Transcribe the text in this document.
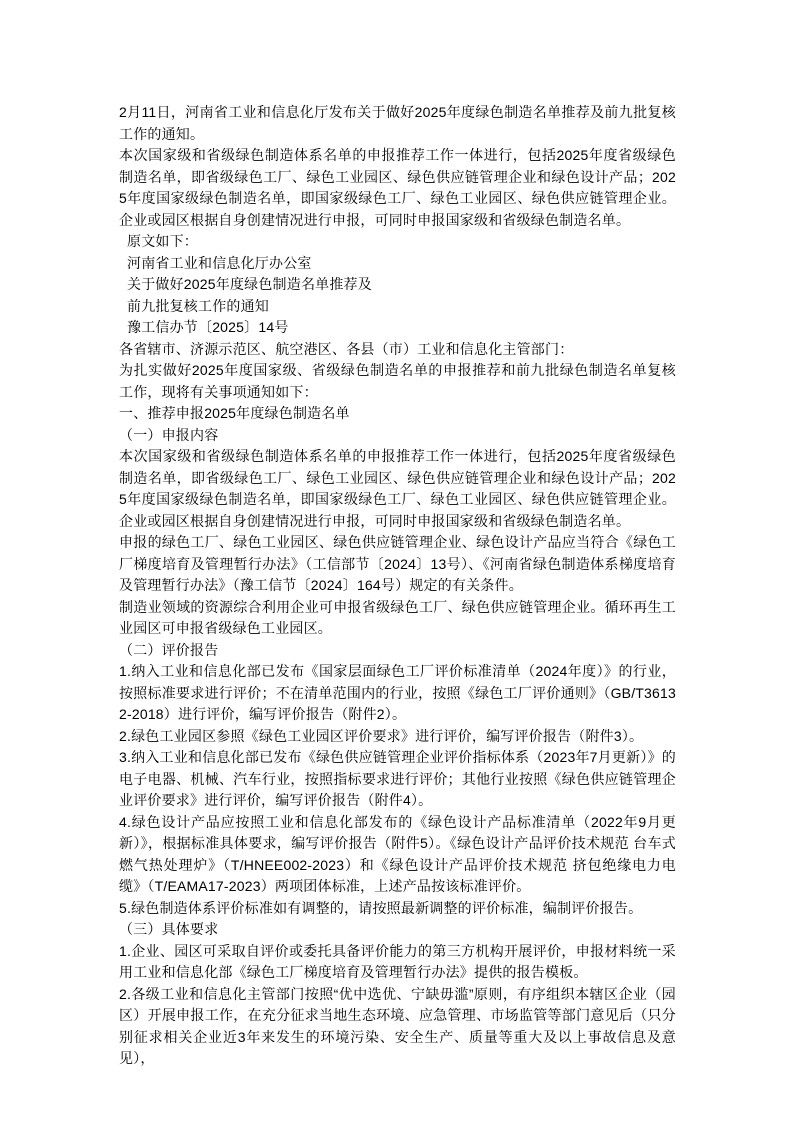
2月11日，河南省工业和信息化厅发布关于做好2025年度绿色制造名单推荐及前九批复核工作的通知。

本次国家级和省级绿色制造体系名单的申报推荐工作一体进行，包括2025年度省级绿色制造名单，即省级绿色工厂、绿色工业园区、绿色供应链管理企业和绿色设计产品；2025年度国家级绿色制造名单，即国家级绿色工厂、绿色工业园区、绿色供应链管理企业。企业或园区根据自身创建情况进行申报，可同时申报国家级和省级绿色制造名单。

原文如下：

河南省工业和信息化厅办公室

关于做好2025年度绿色制造名单推荐及

前九批复核工作的通知

豫工信办节〔2025〕14号

各省辖市、济源示范区、航空港区、各县（市）工业和信息化主管部门：

为扎实做好2025年度国家级、省级绿色制造名单的申报推荐和前九批绿色制造名单复核工作，现将有关事项通知如下：

一、推荐申报2025年度绿色制造名单

（一）申报内容

本次国家级和省级绿色制造体系名单的申报推荐工作一体进行，包括2025年度省级绿色制造名单，即省级绿色工厂、绿色工业园区、绿色供应链管理企业和绿色设计产品；2025年度国家级绿色制造名单，即国家级绿色工厂、绿色工业园区、绿色供应链管理企业。企业或园区根据自身创建情况进行申报，可同时申报国家级和省级绿色制造名单。

申报的绿色工厂、绿色工业园区、绿色供应链管理企业、绿色设计产品应当符合《绿色工厂梯度培育及管理暂行办法》（工信部节〔2024〕13号）、《河南省绿色制造体系梯度培育及管理暂行办法》（豫工信节〔2024〕164号）规定的有关条件。

制造业领域的资源综合利用企业可申报省级绿色工厂、绿色供应链管理企业。循环再生工业园区可申报省级绿色工业园区。

（二）评价报告

1.纳入工业和信息化部已发布《国家层面绿色工厂评价标准清单（2024年度）》的行业，按照标准要求进行评价；不在清单范围内的行业，按照《绿色工厂评价通则》（GB/T36132-2018）进行评价，编写评价报告（附件2）。

2.绿色工业园区参照《绿色工业园区评价要求》进行评价，编写评价报告（附件3）。

3.纳入工业和信息化部已发布《绿色供应链管理企业评价指标体系（2023年7月更新）》的电子电器、机械、汽车行业，按照指标要求进行评价；其他行业按照《绿色供应链管理企业评价要求》进行评价，编写评价报告（附件4）。

4.绿色设计产品应按照工业和信息化部发布的《绿色设计产品标准清单（2022年9月更新）》，根据标准具体要求，编写评价报告（附件5）。《绿色设计产品评价技术规范 台车式燃气热处理炉》（T/HNEE002-2023）和《绿色设计产品评价技术规范 挤包绝缘电力电缆》（T/EAMA17-2023）两项团体标准，上述产品按该标准评价。

5.绿色制造体系评价标准如有调整的，请按照最新调整的评价标准，编制评价报告。

（三）具体要求

1.企业、园区可采取自评价或委托具备评价能力的第三方机构开展评价，申报材料统一采用工业和信息化部《绿色工厂梯度培育及管理暂行办法》提供的报告模板。

2.各级工业和信息化主管部门按照“优中选优、宁缺毋滥”原则，有序组织本辖区企业（园区）开展申报工作，在充分征求当地生态环境、应急管理、市场监管等部门意见后（只分别征求相关企业近3年来发生的环境污染、安全生产、质量等重大及以上事故信息及意见），
